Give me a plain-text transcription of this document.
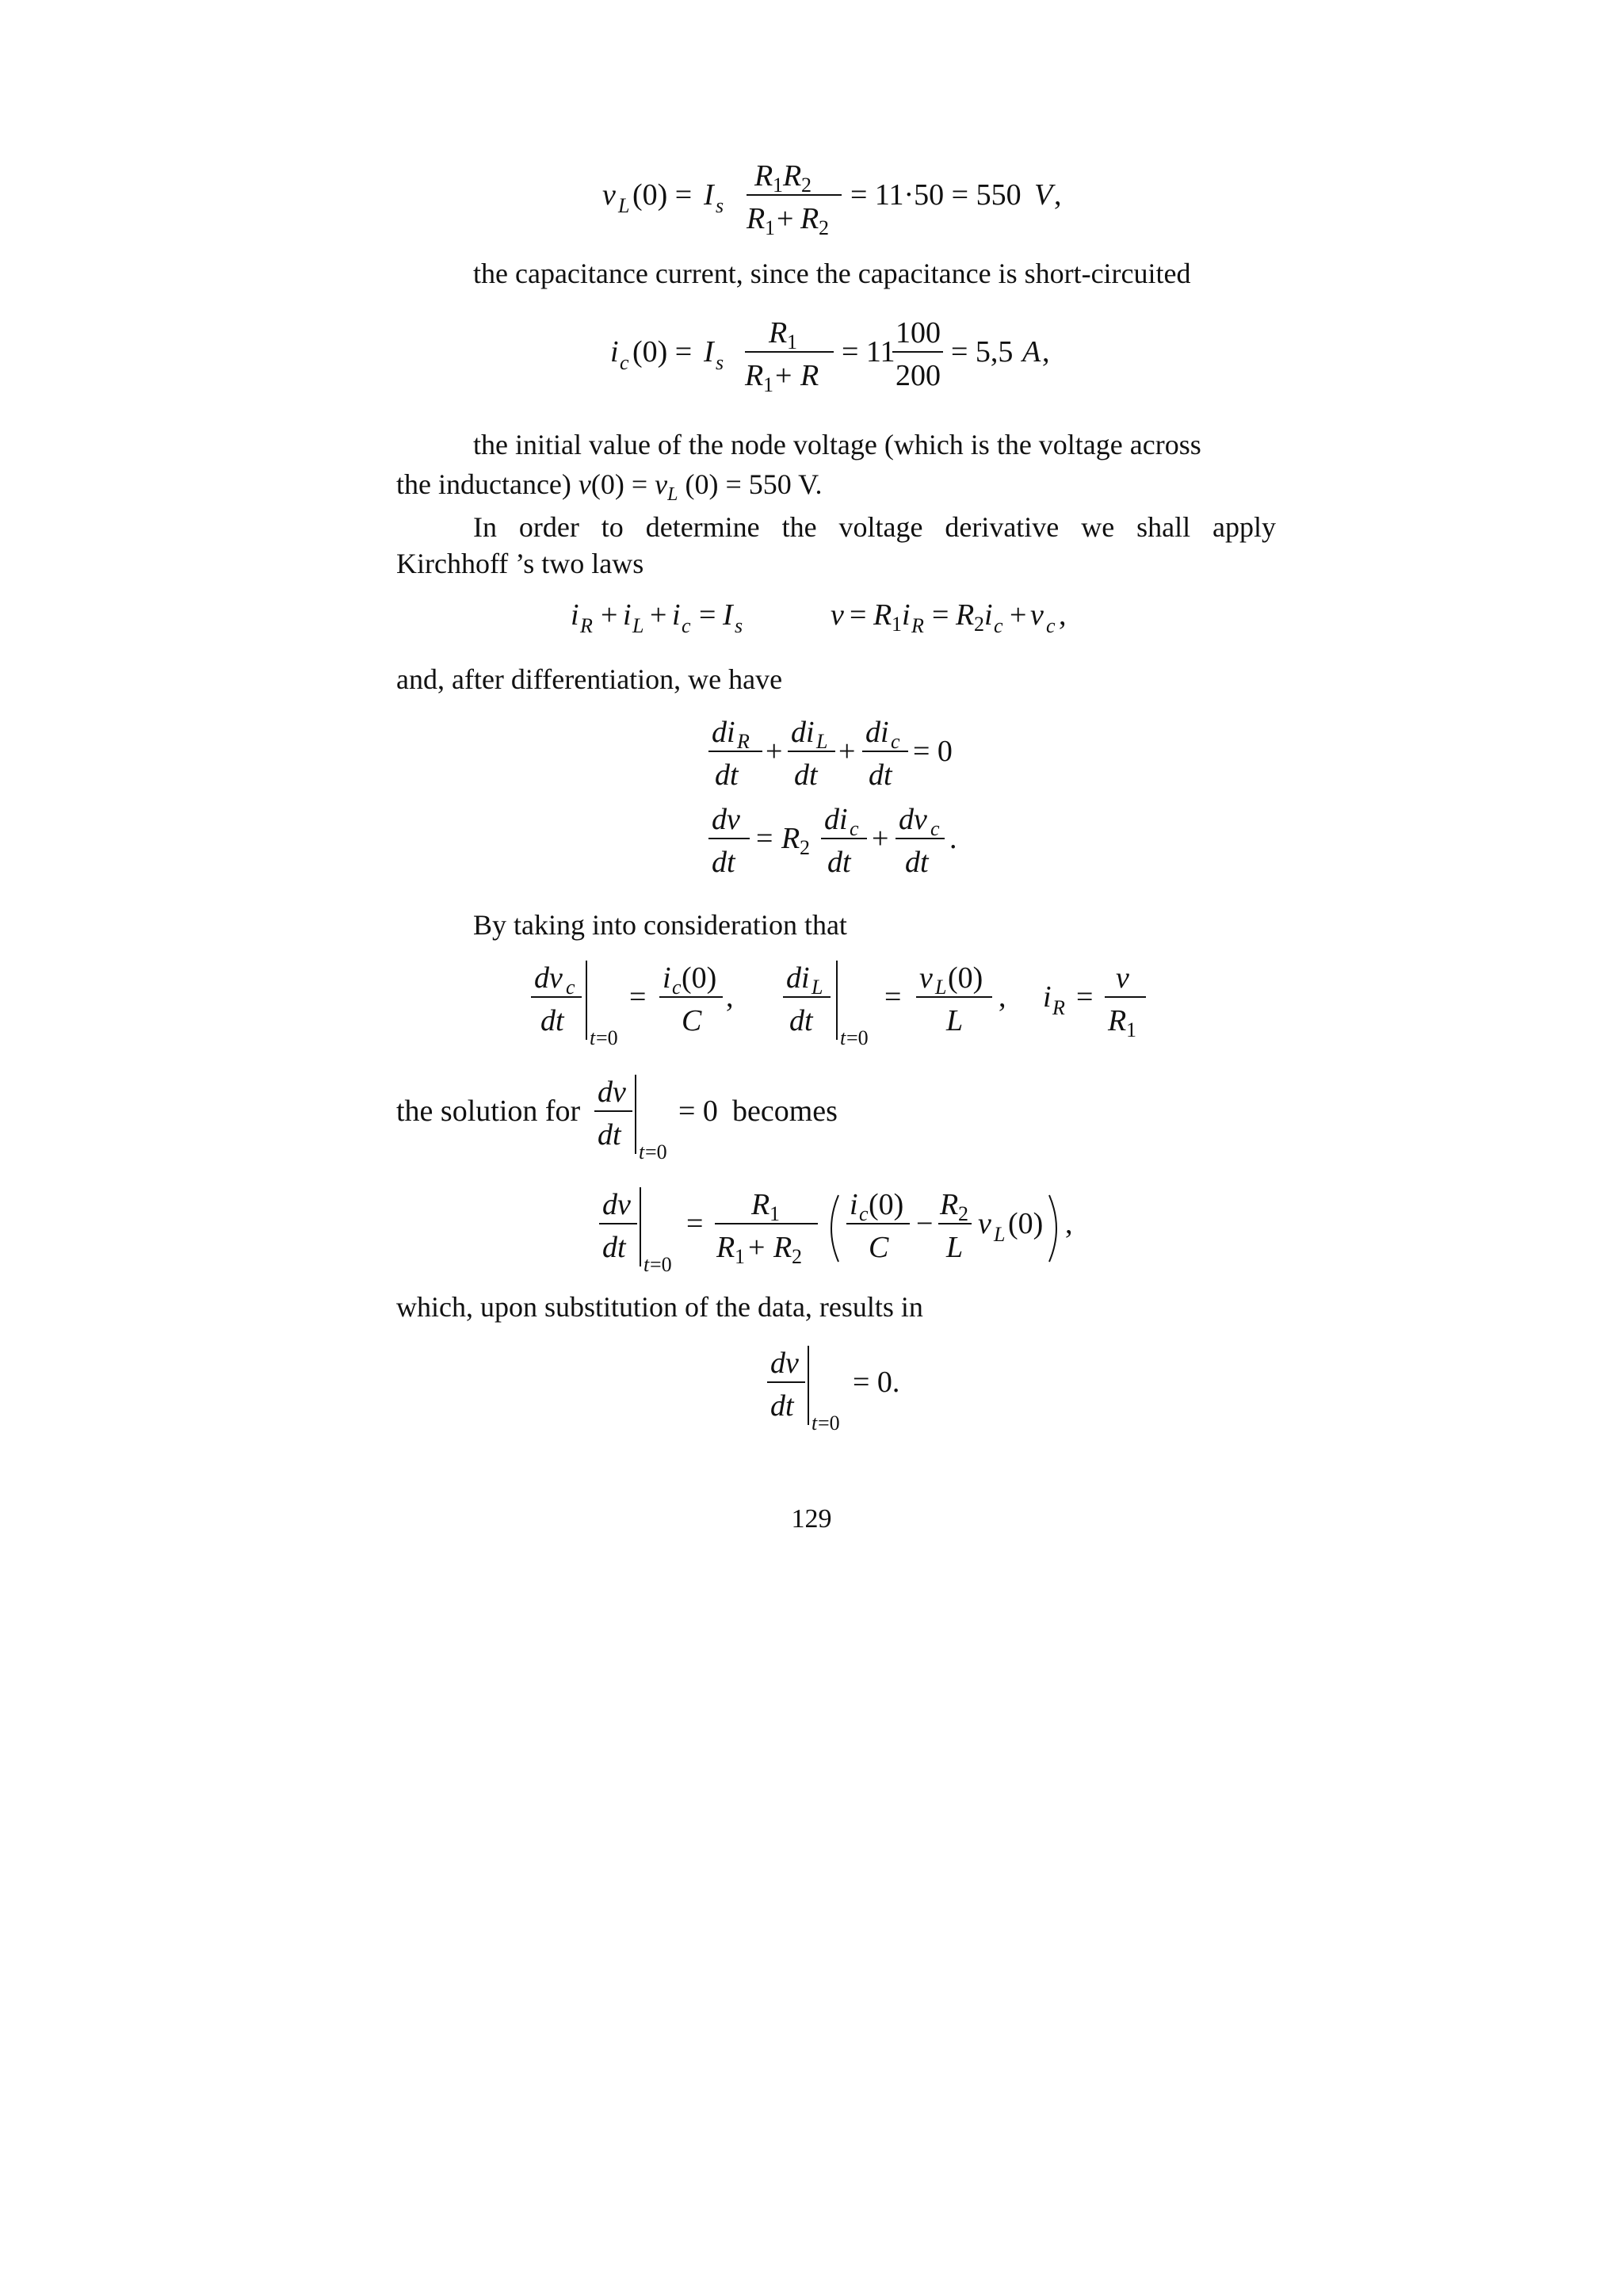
v L (0) = I s
R 1 R 2
R 1 + R 2
= 11·50 = 550 V ,

the capacitance current, since the capacitance is short-circuited

i c (0) = I s
R 1
R 1 + R
= 11
100
200
= 5,5 A ,

the initial value of the node voltage (which is the voltage across

the inductance) $v(0) = v_L$ (0) = 550 V.

In order to determine the voltage derivative we shall apply

Kirchhoff ’s two laws

i R + i L + i c = I s	v = R 1 i R = R 2 i c + v c ,

and, after differentiation, we have

di R
dt
+
di L
dt
+
di c
dt
= 0
dv
dt
= R 2
di c
dt
+
dv c
dt
.

By taking into consideration that

dv c
dt
t =0
=
i c (0)
C
,
di L
dt
t =0
=
v L (0)
L
, i R =
v
R 1
the solution for
dv
dt
t =0
= 0 becomes
dv
dt
t =0
=
R 1
R 1 + R 2
i c (0)
C
−
R 2
L
v L (0) ,

which, upon substitution of the data, results in

dv
dt
t =0
= 0.
129
